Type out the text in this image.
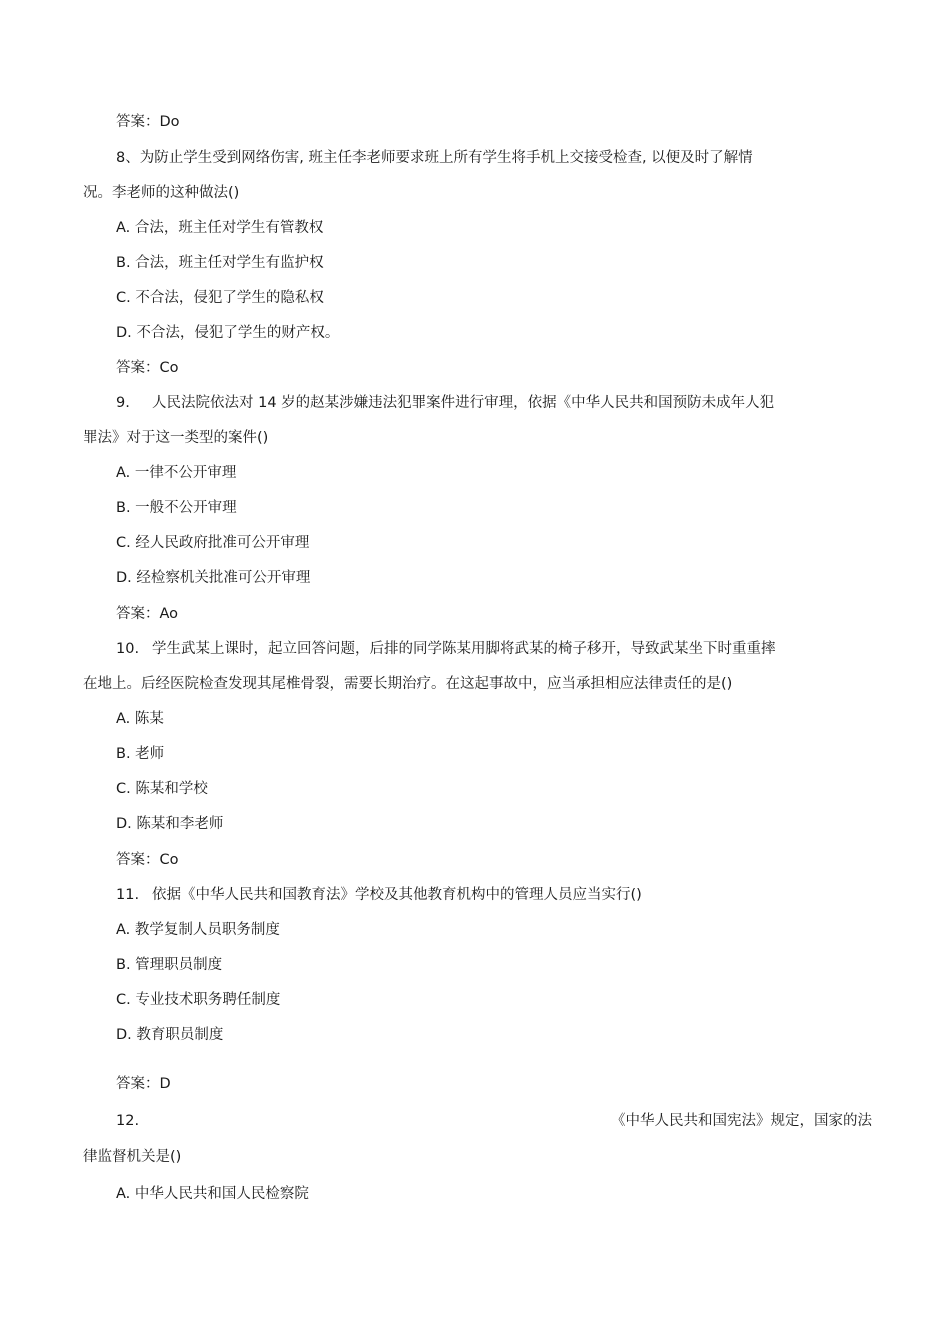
答案：Do
8、为防止学生受到网络伤害, 班主任李老师要求班上所有学生将手机上交接受检查, 以便及时了解情
况。李老师的这种做法()
A. 合法，班主任对学生有管教权
B. 合法，班主任对学生有监护权
C. 不合法，侵犯了学生的隐私权
D. 不合法，侵犯了学生的财产权。
答案：Co
9. 人民法院依法对 14 岁的赵某涉嫌违法犯罪案件进行审理，依据《中华人民共和国预防未成年人犯
罪法》对于这一类型的案件()
A. 一律不公开审理
B. 一般不公开审理
C. 经人民政府批准可公开审理
D. 经检察机关批准可公开审理
答案：Ao
10. 学生武某上课时，起立回答问题，后排的同学陈某用脚将武某的椅子移开，导致武某坐下时重重摔
在地上。后经医院检查发现其尾椎骨裂，需要长期治疗。在这起事故中，应当承担相应法律责任的是()
A. 陈某
B. 老师
C. 陈某和学校
D. 陈某和李老师
答案：Co
11. 依据《中华人民共和国教育法》学校及其他教育机构中的管理人员应当实行()
A. 教学复制人员职务制度
B. 管理职员制度
C. 专业技术职务聘任制度
D. 教育职员制度
答案：D
12.	《中华人民共和国宪法》规定，国家的法
律监督机关是()
A. 中华人民共和国人民检察院
